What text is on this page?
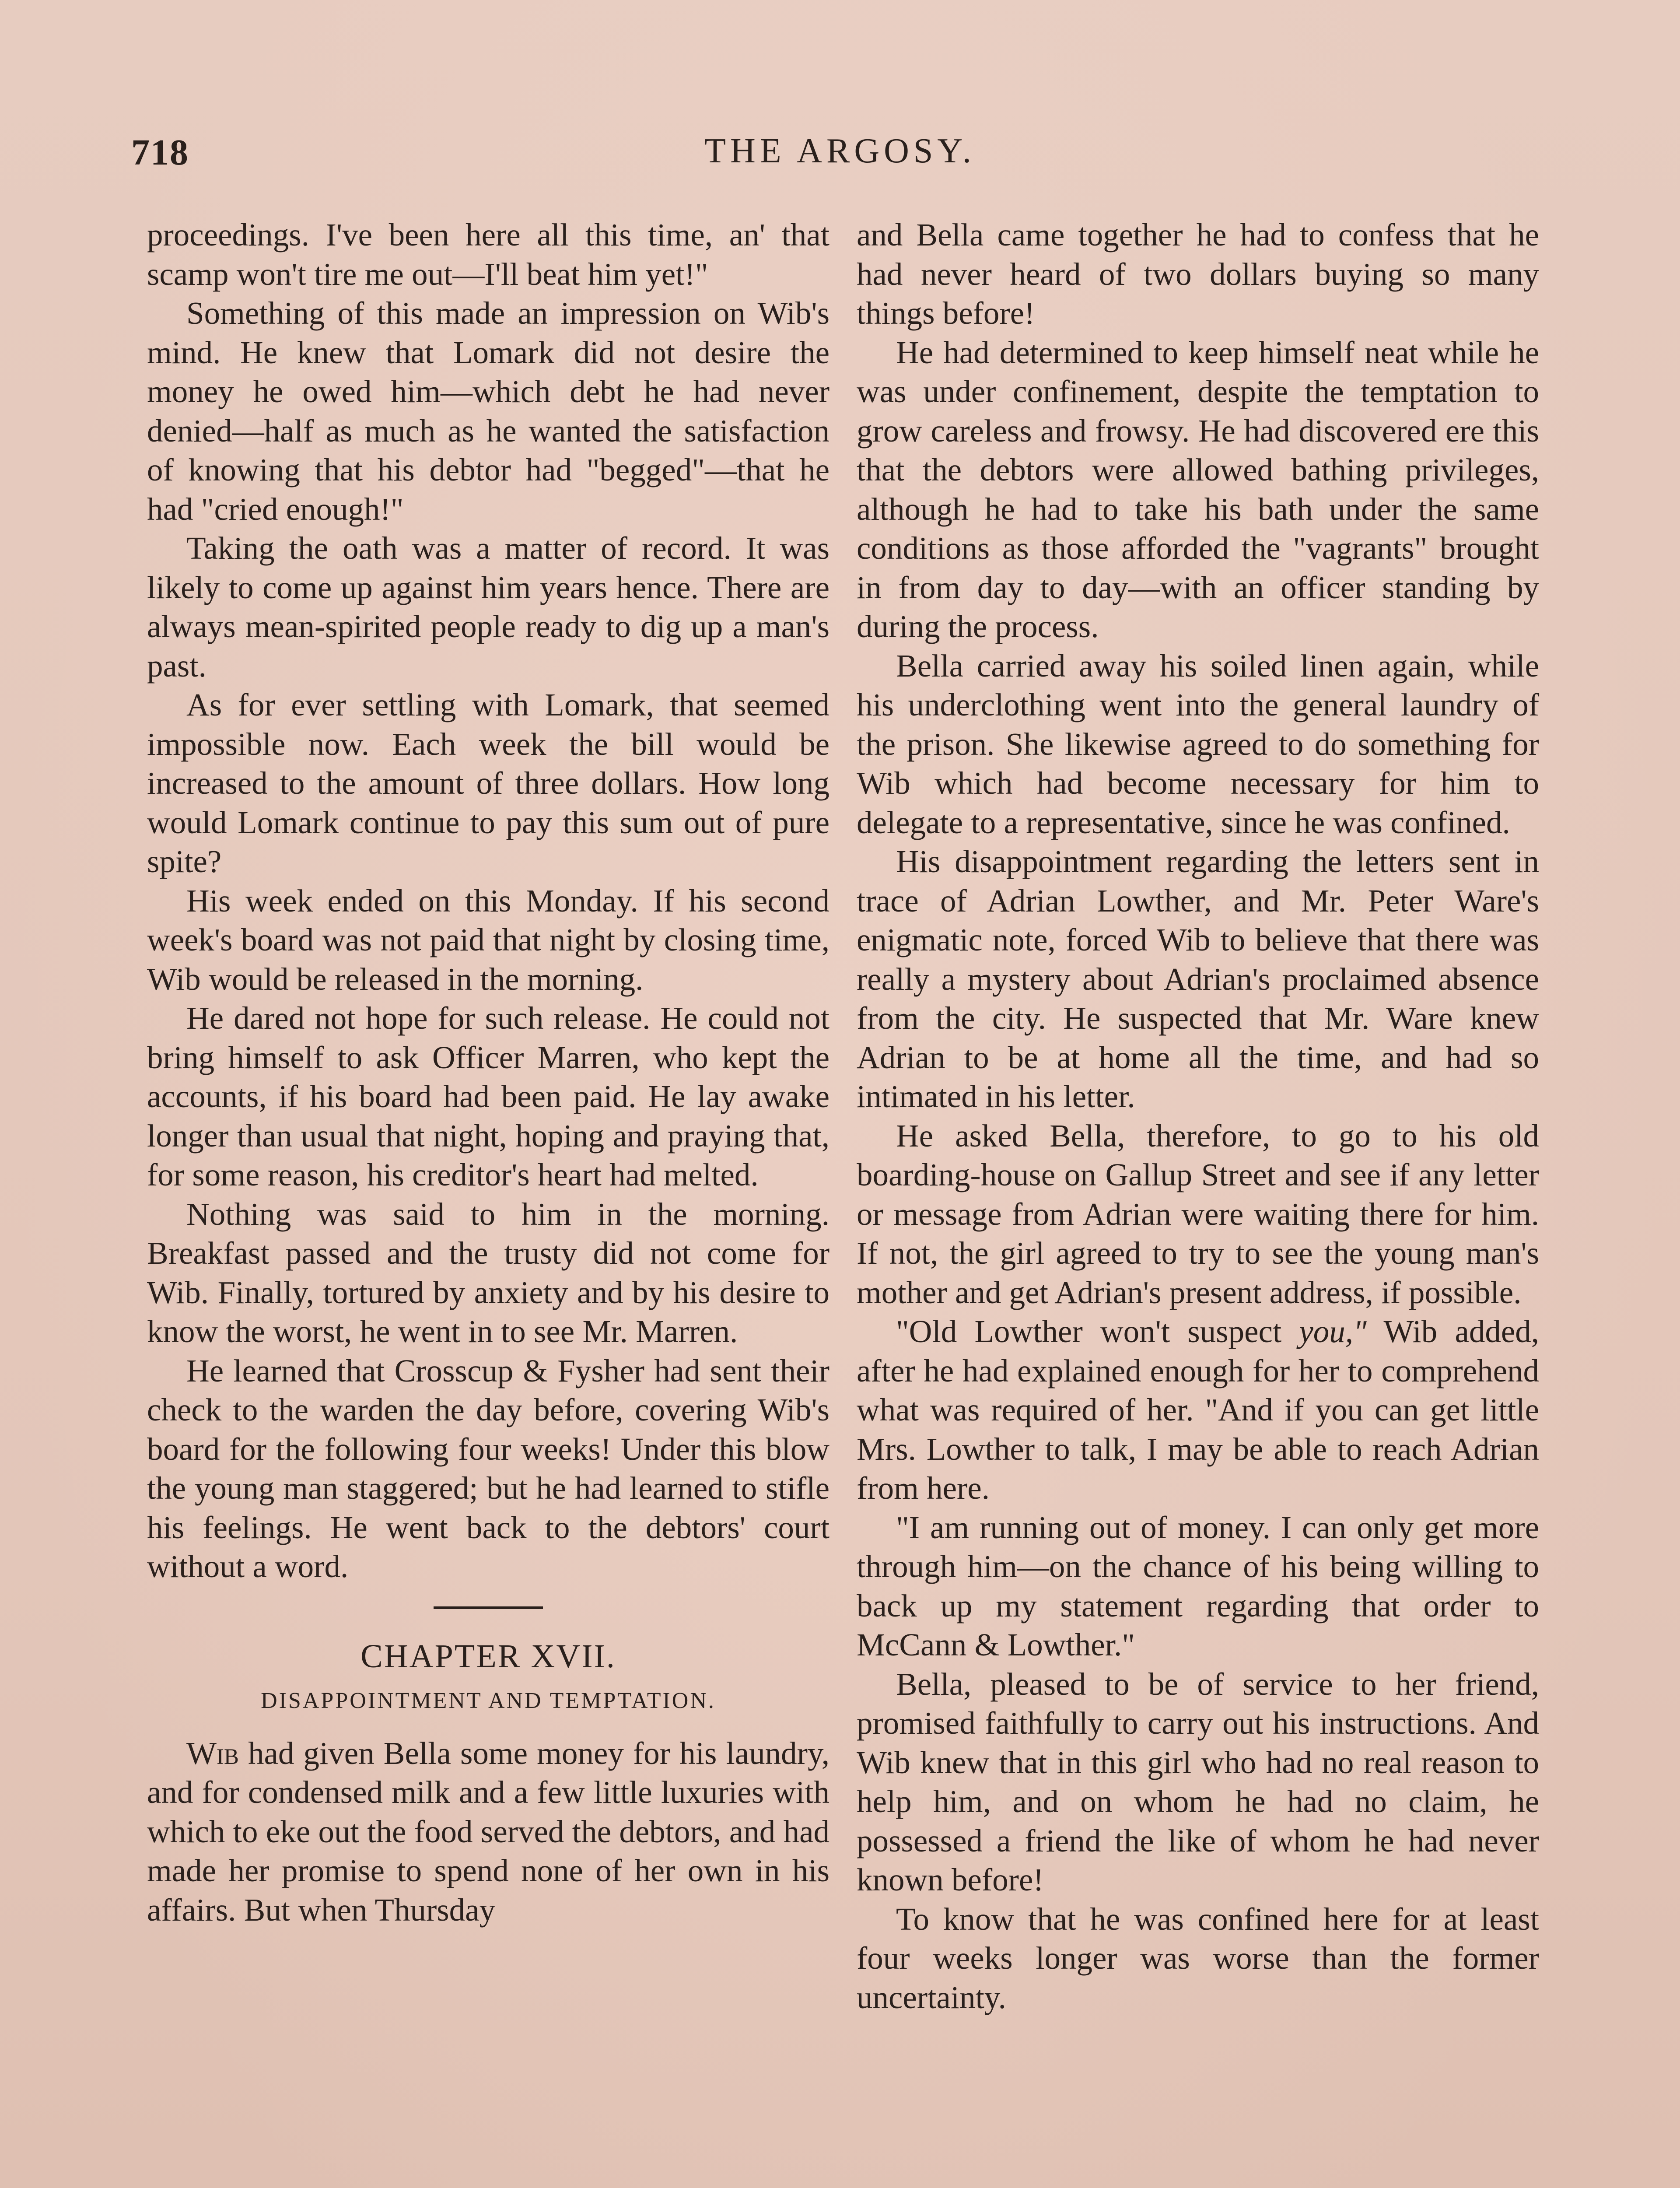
718	THE ARGOSY.

proceedings. I've been here all this time, an' that scamp won't tire me out—I'll beat him yet!"

Something of this made an impression on Wib's mind. He knew that Lomark did not desire the money he owed him—which debt he had never denied—half as much as he wanted the satisfaction of knowing that his debtor had "begged"—that he had "cried enough!"

Taking the oath was a matter of record. It was likely to come up against him years hence. There are always mean-spirited people ready to dig up a man's past.

As for ever settling with Lomark, that seemed impossible now. Each week the bill would be increased to the amount of three dollars. How long would Lomark continue to pay this sum out of pure spite?

His week ended on this Monday. If his second week's board was not paid that night by closing time, Wib would be released in the morning.

He dared not hope for such release. He could not bring himself to ask Officer Marren, who kept the accounts, if his board had been paid. He lay awake longer than usual that night, hoping and praying that, for some reason, his creditor's heart had melted.

Nothing was said to him in the morning. Breakfast passed and the trusty did not come for Wib. Finally, tortured by anxiety and by his desire to know the worst, he went in to see Mr. Marren.

He learned that Crosscup & Fysher had sent their check to the warden the day before, covering Wib's board for the following four weeks! Under this blow the young man staggered; but he had learned to stifle his feelings. He went back to the debtors' court without a word.

CHAPTER XVII.
DISAPPOINTMENT AND TEMPTATION.

Wib had given Bella some money for his laundry, and for condensed milk and a few little luxuries with which to eke out the food served the debtors, and had made her promise to spend none of her own in his affairs. But when Thursday

and Bella came together he had to confess that he had never heard of two dollars buying so many things before!

He had determined to keep himself neat while he was under confinement, despite the temptation to grow careless and frowsy. He had discovered ere this that the debtors were allowed bathing privileges, although he had to take his bath under the same conditions as those afforded the "vagrants" brought in from day to day—with an officer standing by during the process.

Bella carried away his soiled linen again, while his underclothing went into the general laundry of the prison. She likewise agreed to do something for Wib which had become necessary for him to delegate to a representative, since he was confined.

His disappointment regarding the letters sent in trace of Adrian Lowther, and Mr. Peter Ware's enigmatic note, forced Wib to believe that there was really a mystery about Adrian's proclaimed absence from the city. He suspected that Mr. Ware knew Adrian to be at home all the time, and had so intimated in his letter.

He asked Bella, therefore, to go to his old boarding-house on Gallup Street and see if any letter or message from Adrian were waiting there for him. If not, the girl agreed to try to see the young man's mother and get Adrian's present address, if possible.

"Old Lowther won't suspect you," Wib added, after he had explained enough for her to comprehend what was required of her. "And if you can get little Mrs. Lowther to talk, I may be able to reach Adrian from here.

"I am running out of money. I can only get more through him—on the chance of his being willing to back up my statement regarding that order to McCann & Lowther."

Bella, pleased to be of service to her friend, promised faithfully to carry out his instructions. And Wib knew that in this girl who had no real reason to help him, and on whom he had no claim, he possessed a friend the like of whom he had never known before!

To know that he was confined here for at least four weeks longer was worse than the former uncertainty.
